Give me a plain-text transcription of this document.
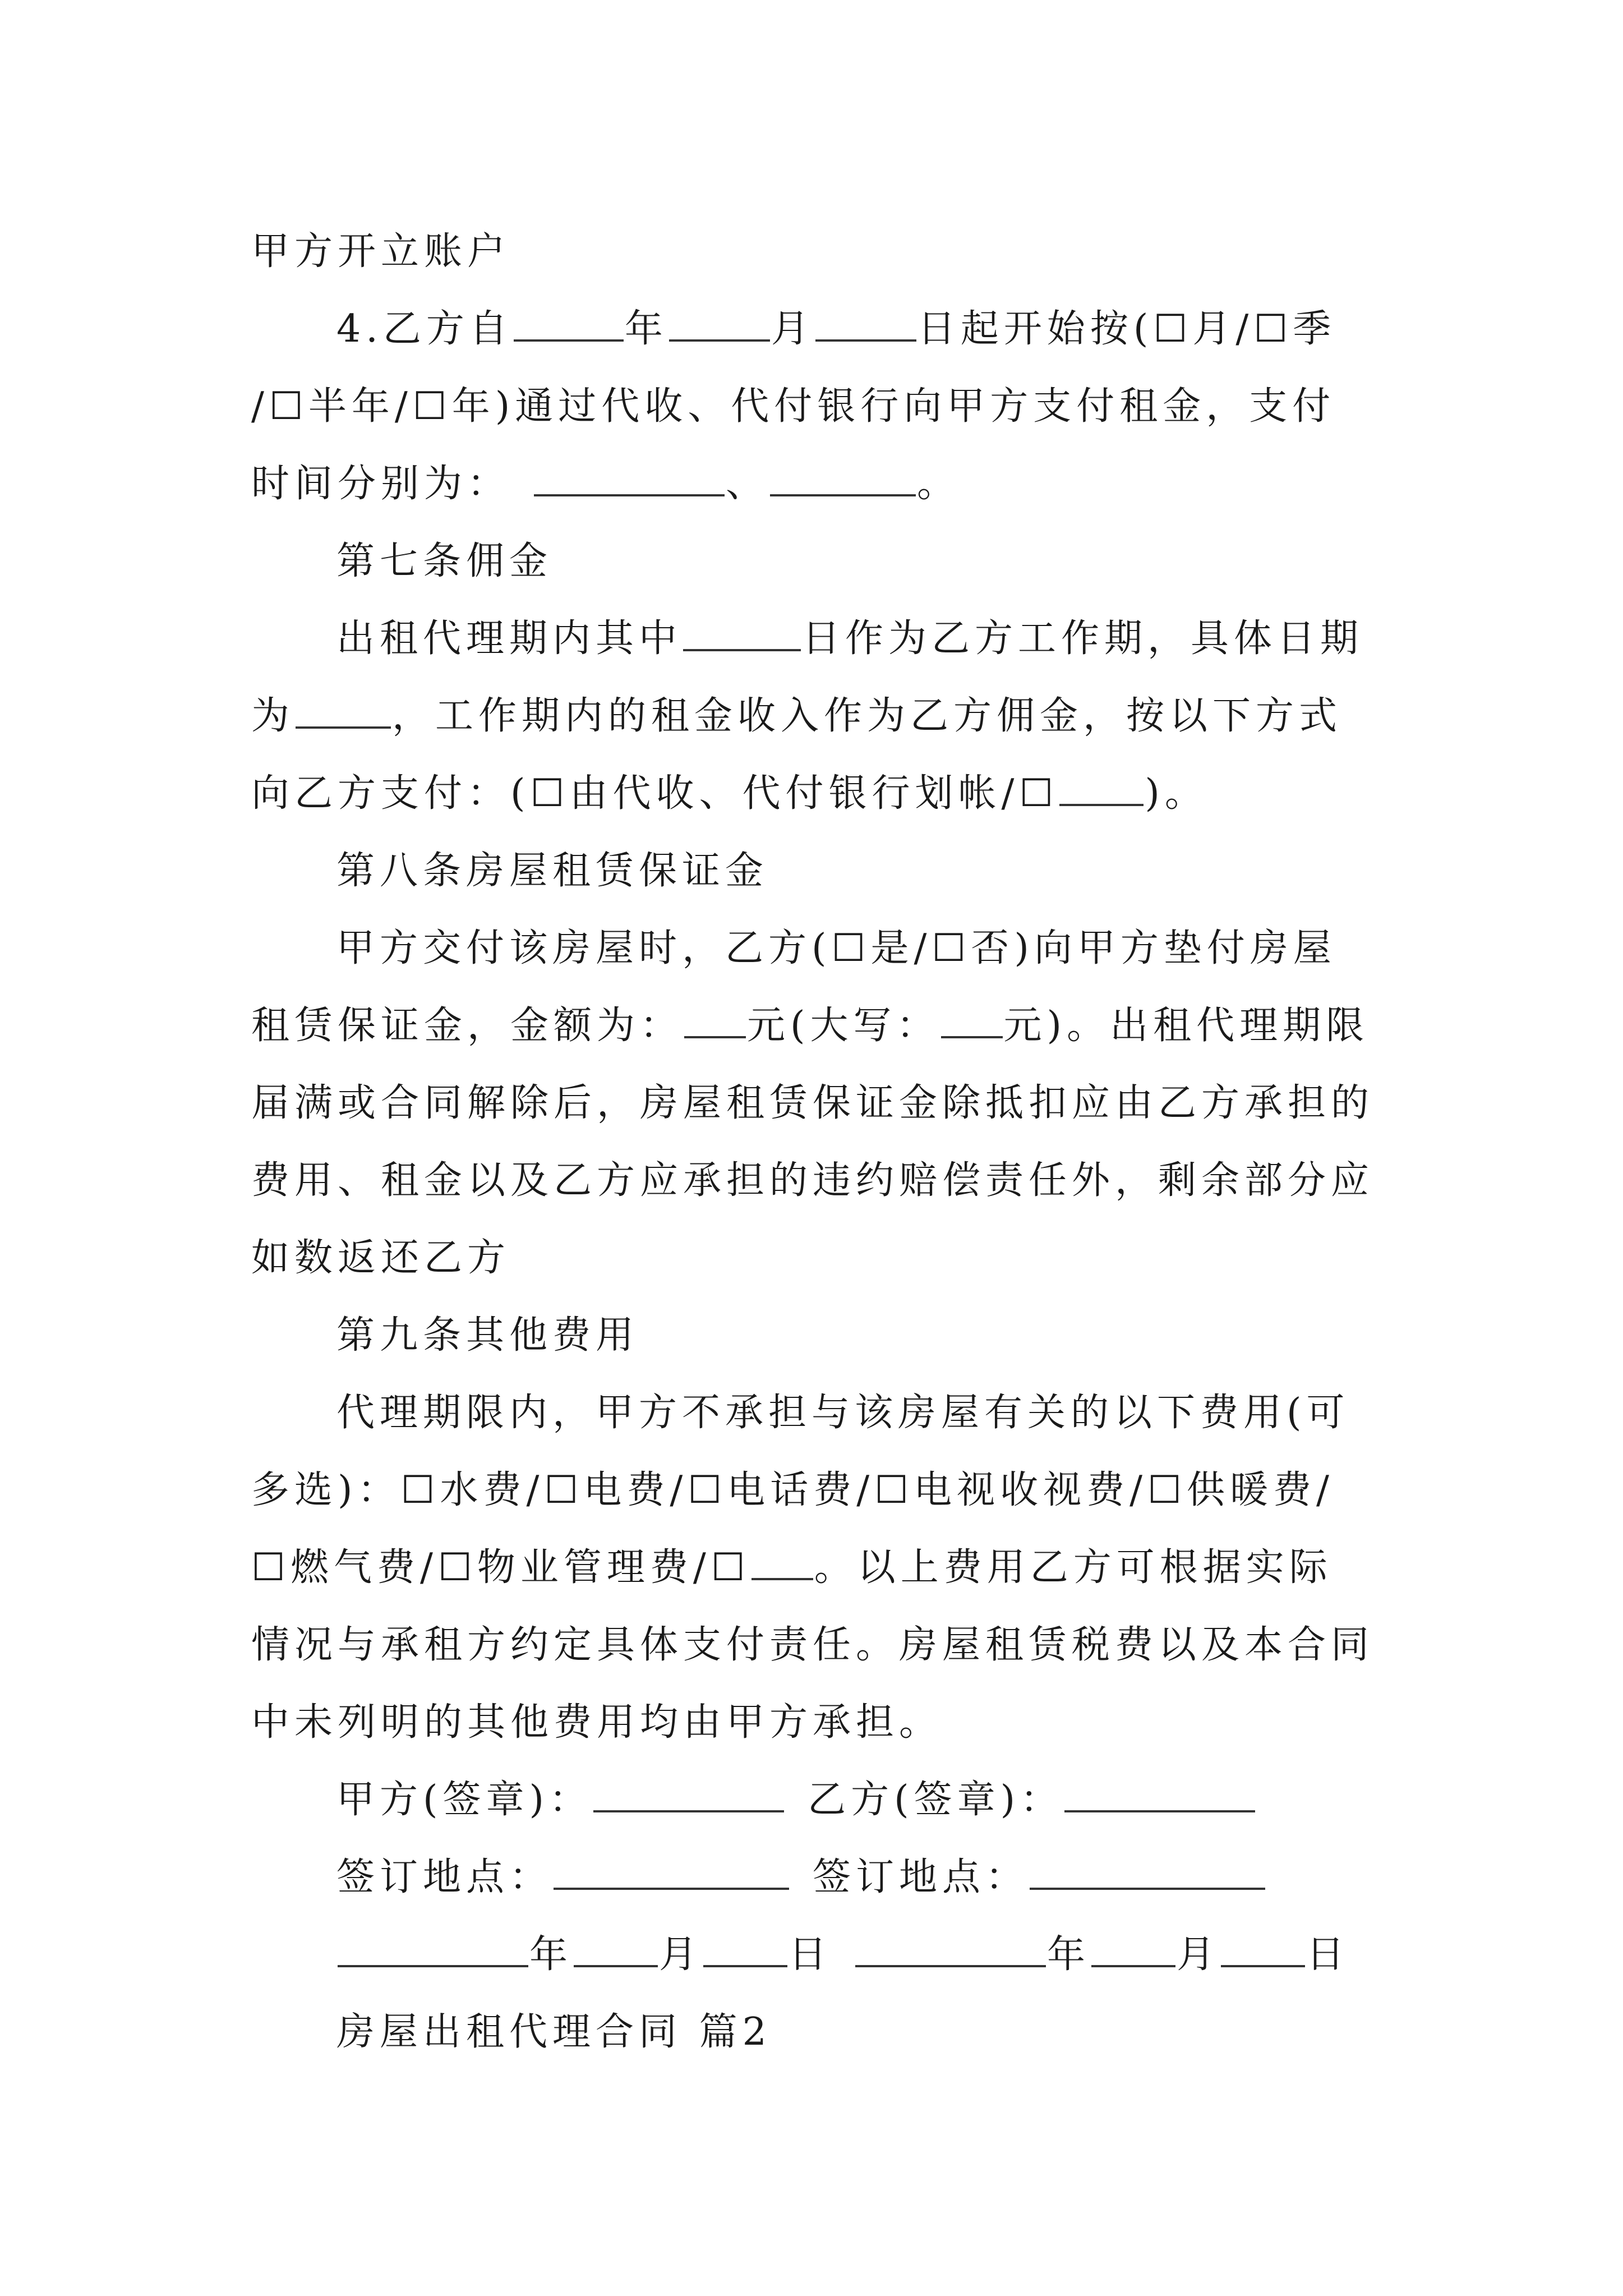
甲方开立账户
4.乙方自	年	月	日起开始按(☐月/☐季
/☐半年/☐年)通过代收、代付银行向甲方支付租金，支付
时间分别为：	、	。
第七条佣金
出租代理期内其中	日作为乙方工作期，具体日期
为	，工作期内的租金收入作为乙方佣金，按以下方式
向乙方支付：(☐由代收、代付银行划帐/☐ )。
第八条房屋租赁保证金
甲方交付该房屋时，乙方(☐是/☐否)向甲方垫付房屋
租赁保证金，金额为： 元(大写： 元)。出租代理期限
届满或合同解除后，房屋租赁保证金除抵扣应由乙方承担的
费用、租金以及乙方应承担的违约赔偿责任外，剩余部分应
如数返还乙方
第九条其他费用
代理期限内，甲方不承担与该房屋有关的以下费用(可
多选)：☐水费/☐电费/☐电话费/☐电视收视费/☐供暖费/
☐燃气费/☐物业管理费/☐ 。以上费用乙方可根据实际
情况与承租方约定具体支付责任。房屋租赁税费以及本合同
中未列明的其他费用均由甲方承担。
甲方(签章)：	乙方(签章)：
签订地点：	签订地点：
年 月 日	年 月 日
房屋出租代理合同 篇2
